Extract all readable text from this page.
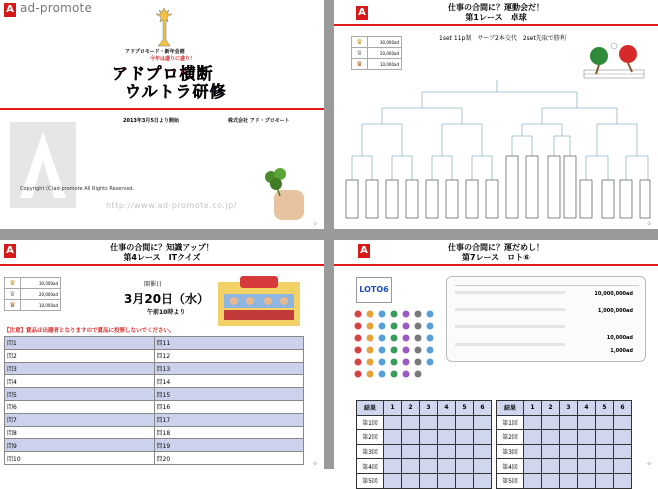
A ad-promote
アドプロモード・新年会画
今年は盛りに盛り！
アドプロ横断
ウルトラ研修
2013年3月5日より開始	株式会社 アド・プロモート
Copyright (C)ad-promote All Rights Reserved.
http://www.ad-promote.co.jp/
-1-
A	仕事の合間に？運動会だ！
第1レース　卓球
♛	30,000ad
♛	20,000ad
♛	10,000ad
1set 11p制　サーブ2本交代　2set先取で勝利
-2-
A	仕事の合間に？知識アップ！
第4レース　ITクイズ
♛	30,000ad
♛	20,000ad
♛	10,000ad
開催日
3月20日（水）
午前10時より
【注意】賞品は出題者となりますので賞品に投票しないでください。
問1	問11
問2	問12
問3	問13
問4	問14
問5	問15
問6	問16
問7	問17
問8	問18
問9	問19
問10	問20
-4-
A	仕事の合間に？運だめし！
第7レース　ロト⑥
LOTO6	10,000,000ad
1,000,000ad
10,000ad
1,000ad
結果	1	2	3	4	5	6
第1回						
第2回						
第3回						
第4回						
第5回						
結果	1	2	3	4	5	6
第1回						
第2回						
第3回						
第4回						
第5回						
-4-
